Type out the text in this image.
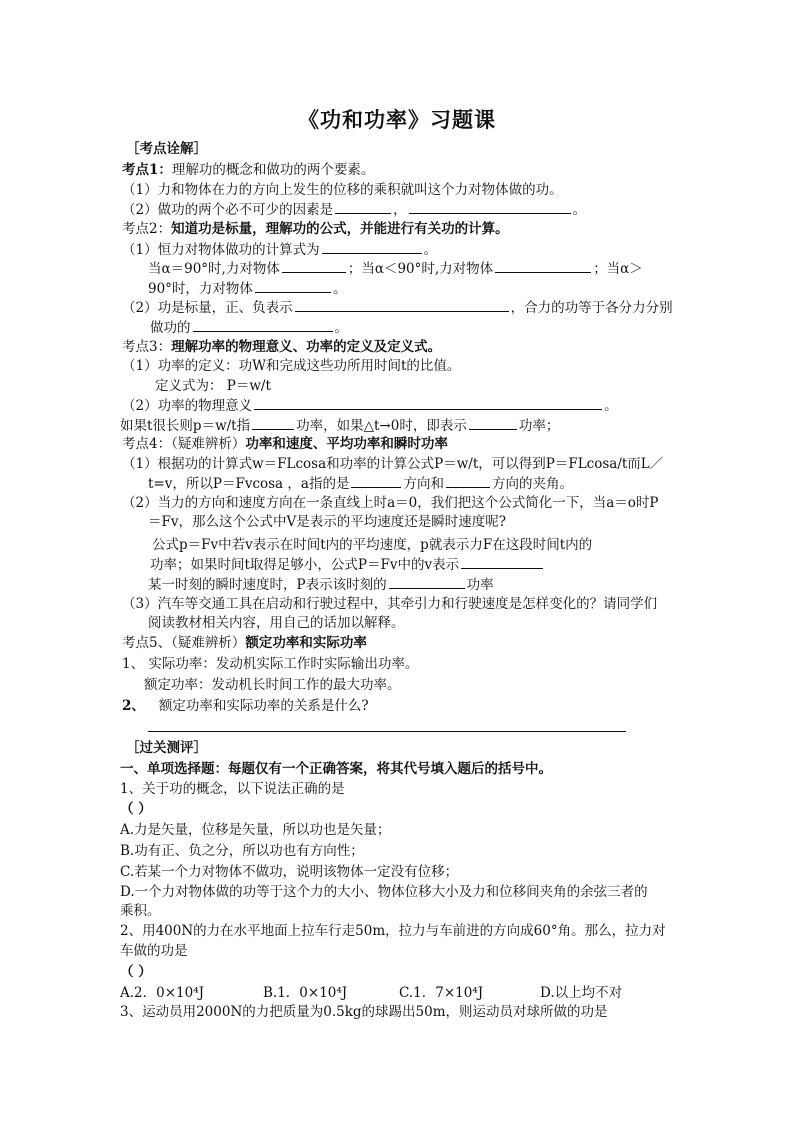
《功和功率》习题课
［考点诠解］
考点1：理解功的概念和做功的两个要素。
（1）力和物体在力的方向上发生的位移的乘积就叫这个力对物体做的功。
（2）做功的两个必不可少的因素是	，	。
考点2：知道功是标量，理解功的公式，并能进行有关功的计算。
（1）恒力对物体做功的计算式为	。
当α＝90°时,力对物体	；当α＜90°时,力对物体	；当α＞
90°时，力对物体	。
（2）功是标量，正、负表示	，合力的功等于各分力分别
做功的	。
考点3：理解功率的物理意义、功率的定义及定义式。
（1）功率的定义：功W和完成这些功所用时间t的比值。
定义式为： P＝w/t
（2）功率的物理意义	。
如果t很长则p＝w/t指	功率，如果△t→0时，即表示	功率；
考点4：（疑难辨析）功率和速度、平均功率和瞬时功率
（1）根据功的计算式w＝FLcosa和功率的计算公式P＝w/t，可以得到P＝FLcosa/t而L／
t=v，所以P＝Fvcosa ，a指的是	方向和	方向的夹角。
（2）当力的方向和速度方向在一条直线上时a＝0，我们把这个公式简化一下，当a＝o时P
＝Fv，那么这个公式中V是表示的平均速度还是瞬时速度呢?
公式p＝Fv中若v表示在时间t内的平均速度，p就表示力F在这段时间t内的
功率；如果时间t取得足够小，公式P＝Fv中的v表示
某一时刻的瞬时速度时，P表示该时刻的	功率
（3）汽车等交通工具在启动和行驶过程中，其牵引力和行驶速度是怎样变化的？请同学们
阅读教材相关内容，用自己的话加以解释。
考点5、（疑难辨析）额定功率和实际功率
1、 实际功率：发动机实际工作时实际输出功率。
额定功率：发动机长时间工作的最大功率。
2、 额定功率和实际功率的关系是什么?
［过关测评］
一、单项选择题：每题仅有一个正确答案，将其代号填入题后的括号中。
1、关于功的概念，以下说法正确的是
（ ）
A.力是矢量，位移是矢量，所以功也是矢量；
B.功有正、负之分，所以功也有方向性；
C.若某一个力对物体不做功，说明该物体一定没有位移；
D.一个力对物体做的功等于这个力的大小、物体位移大小及力和位移间夹角的余弦三者的
乘积。
2、用400N的力在水平地面上拉车行走50m，拉力与车前进的方向成60°角。那么，拉力对
车做的功是
（ ）
A.2．0×10⁴J	B.1．0×10⁴J	C.1．7×10⁴J	D.以上均不对
3、运动员用2000N的力把质量为0.5kg的球踢出50m，则运动员对球所做的功是
